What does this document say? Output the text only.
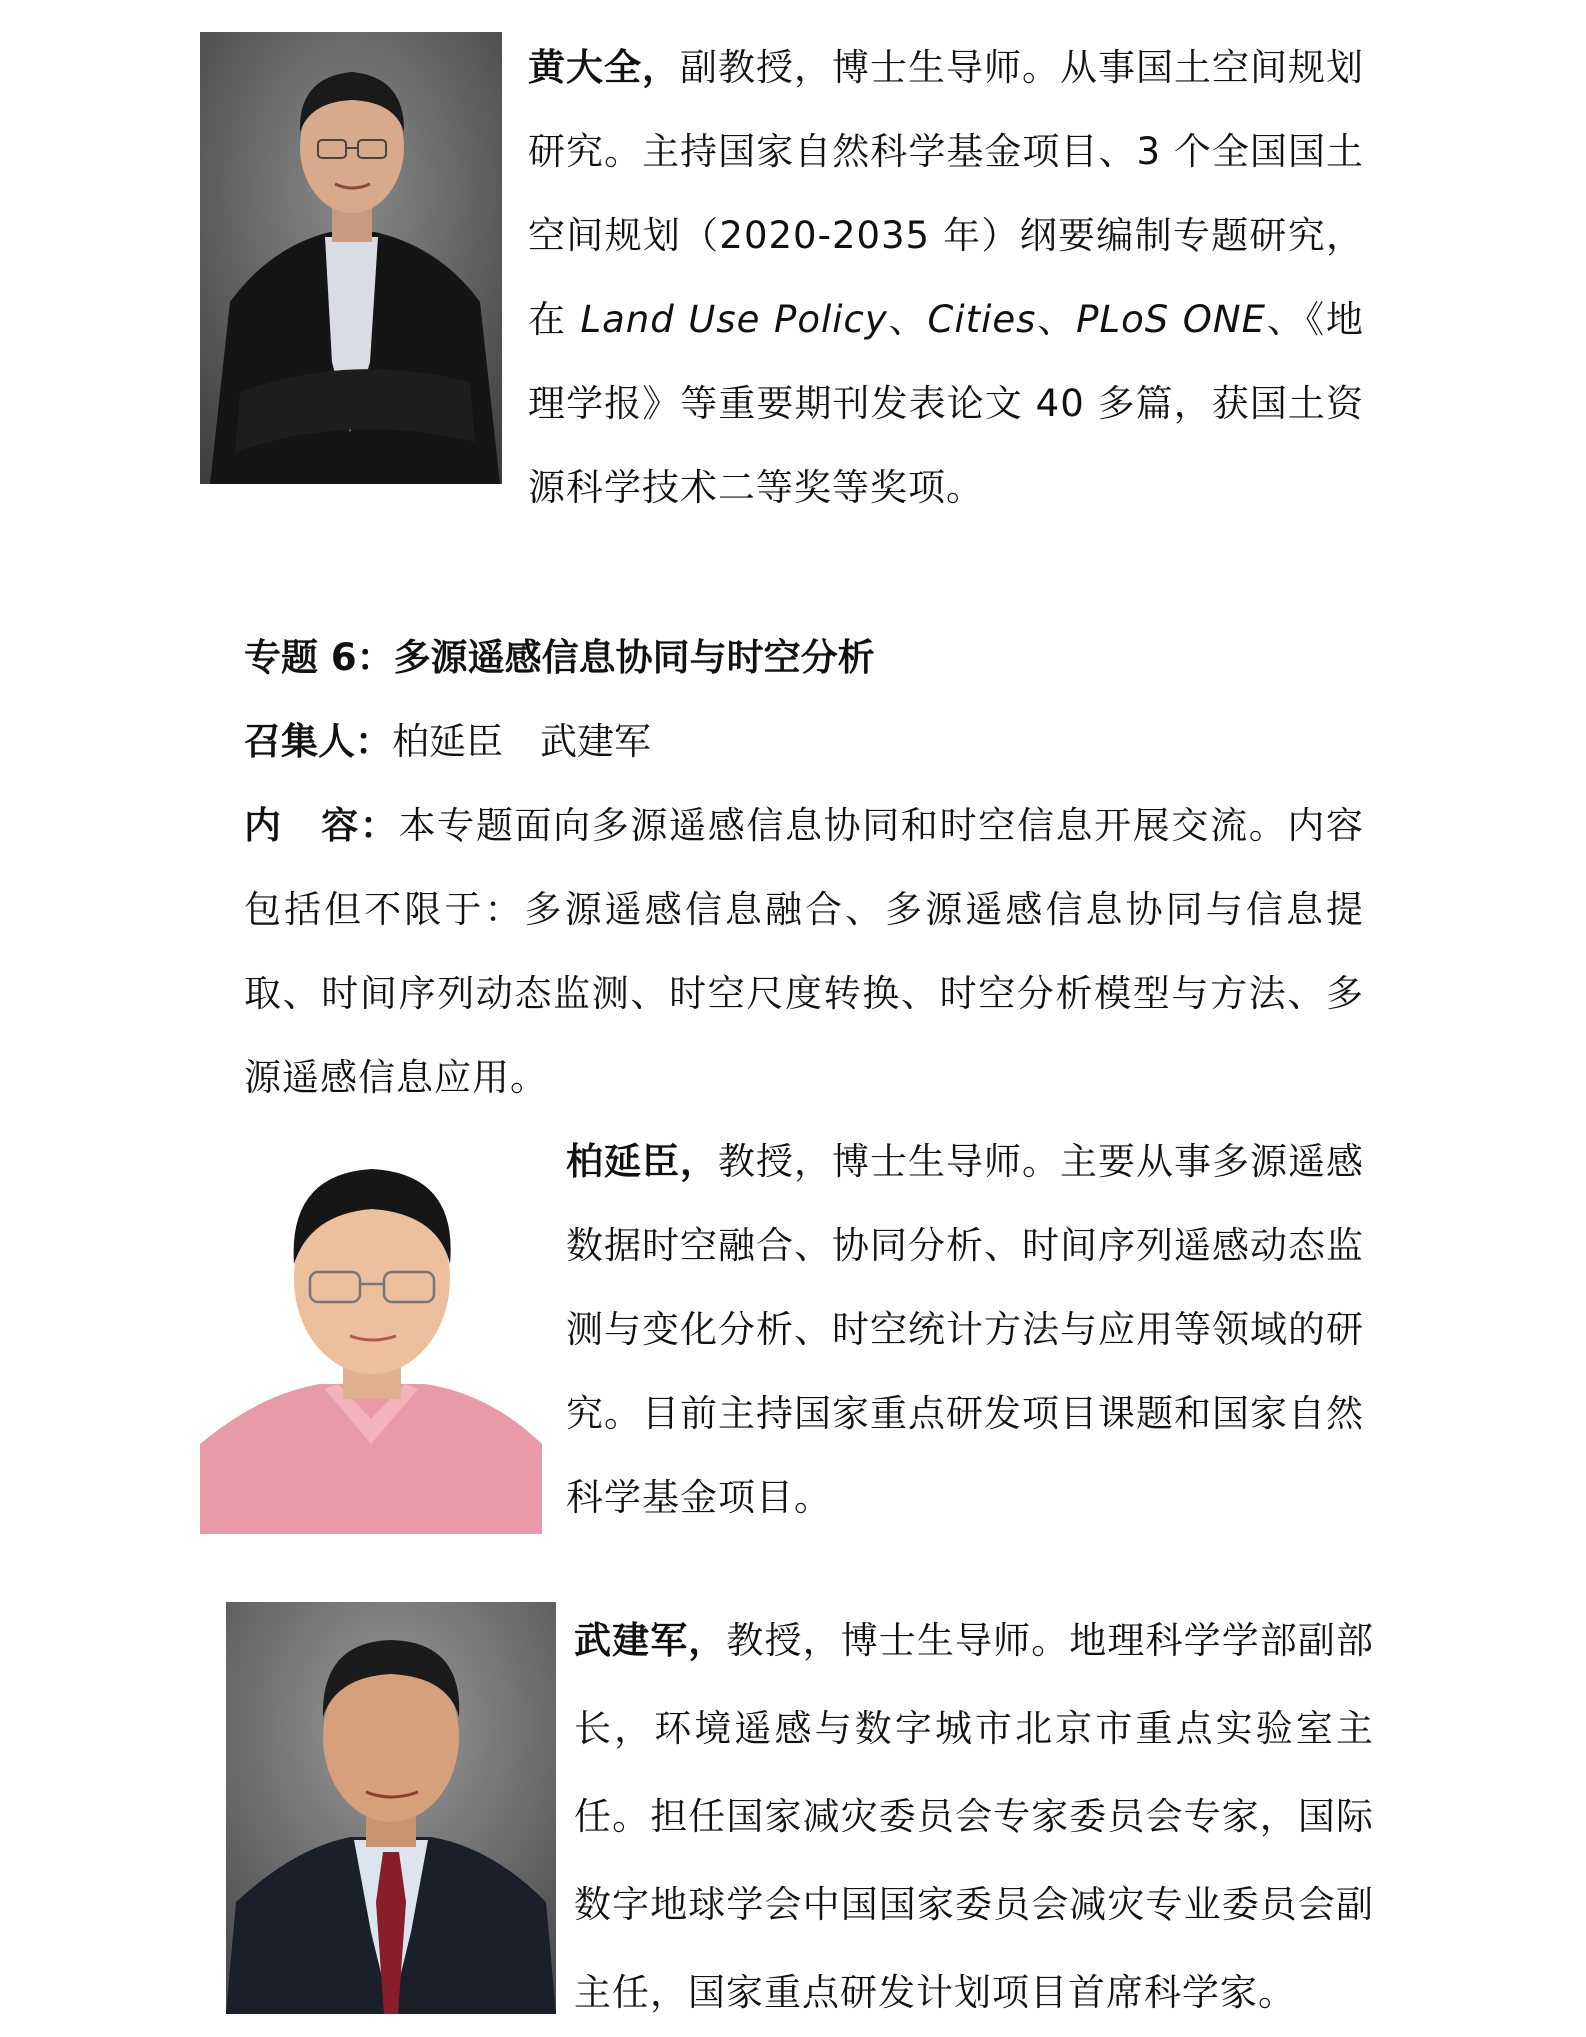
黄大全，副教授，博士生导师。从事国土空间规划研究。主持国家自然科学基金项目、3 个全国国土空间规划（2020-2035 年）纲要编制专题研究，在 Land Use Policy、Cities、PLoS ONE、《地理学报》等重要期刊发表论文 40 多篇，获国土资源科学技术二等奖等奖项。

专题 6：多源遥感信息协同与时空分析

召集人：柏延臣　武建军

内　容：本专题面向多源遥感信息协同和时空信息开展交流。内容包括但不限于：多源遥感信息融合、多源遥感信息协同与信息提取、时间序列动态监测、时空尺度转换、时空分析模型与方法、多源遥感信息应用。

柏延臣，教授，博士生导师。主要从事多源遥感数据时空融合、协同分析、时间序列遥感动态监测与变化分析、时空统计方法与应用等领域的研究。目前主持国家重点研发项目课题和国家自然科学基金项目。

武建军，教授，博士生导师。地理科学学部副部长，环境遥感与数字城市北京市重点实验室主任。担任国家减灾委员会专家委员会专家，国际数字地球学会中国国家委员会减灾专业委员会副主任，国家重点研发计划项目首席科学家。
